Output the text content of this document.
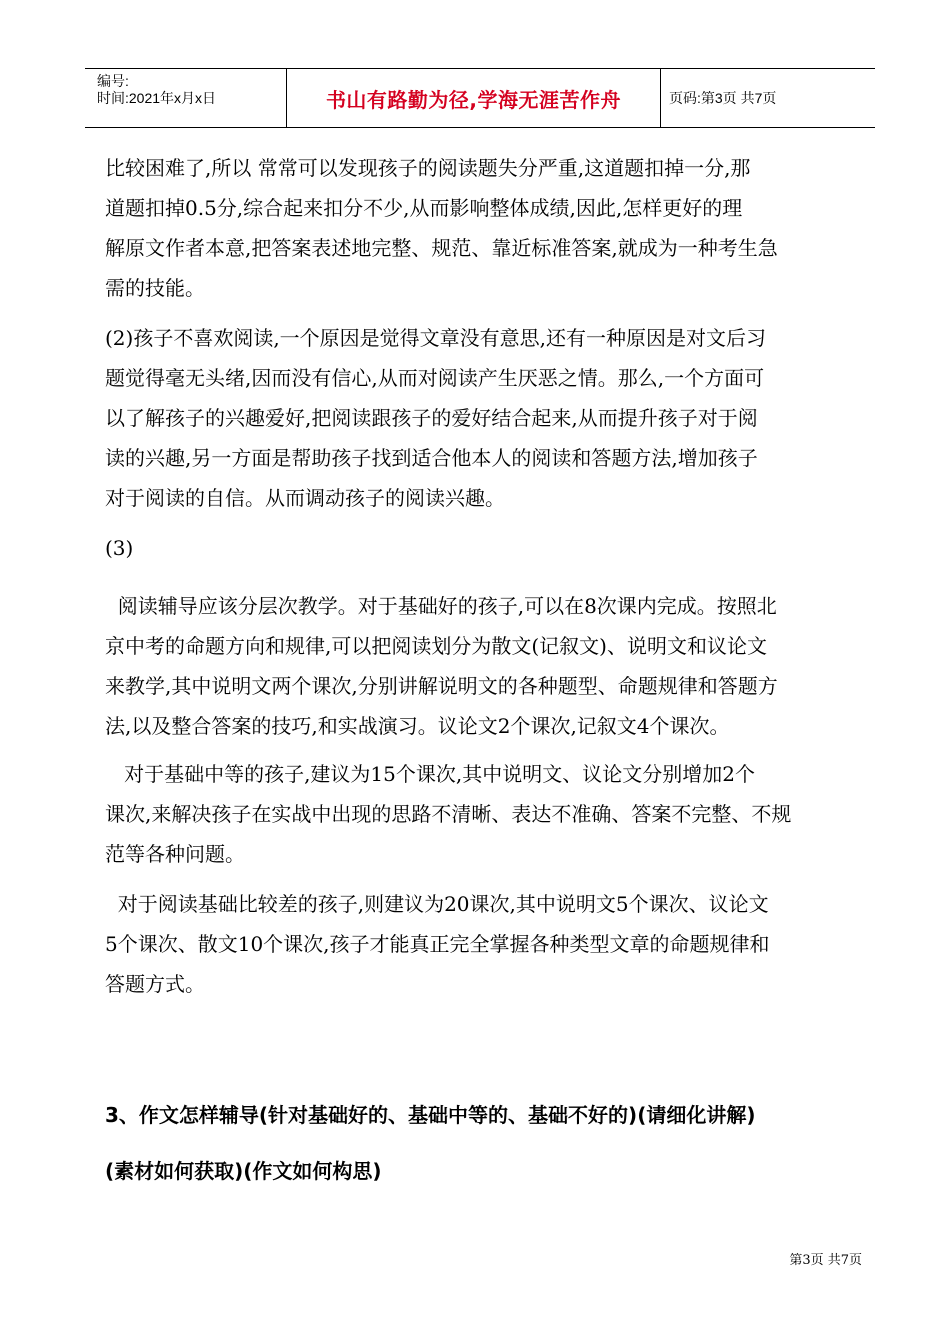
编号:
时间:2021年x月x日	书山有路勤为径,学海无涯苦作舟	页码:第3页 共7页
比较困难了,所以 常常可以发现孩子的阅读题失分严重,这道题扣掉一分,那
道题扣掉0.5分,综合起来扣分不少,从而影响整体成绩,因此,怎样更好的理
解原文作者本意,把答案表述地完整、规范、靠近标准答案,就成为一种考生急
需的技能。
(2)孩子不喜欢阅读,一个原因是觉得文章没有意思,还有一种原因是对文后习
题觉得毫无头绪,因而没有信心,从而对阅读产生厌恶之情。那么,一个方面可
以了解孩子的兴趣爱好,把阅读跟孩子的爱好结合起来,从而提升孩子对于阅
读的兴趣,另一方面是帮助孩子找到适合他本人的阅读和答题方法,增加孩子
对于阅读的自信。从而调动孩子的阅读兴趣。
(3)
阅读辅导应该分层次教学。对于基础好的孩子,可以在8次课内完成。按照北
京中考的命题方向和规律,可以把阅读划分为散文(记叙文)、说明文和议论文
来教学,其中说明文两个课次,分别讲解说明文的各种题型、命题规律和答题方
法,以及整合答案的技巧,和实战演习。议论文2个课次,记叙文4个课次。
对于基础中等的孩子,建议为15个课次,其中说明文、议论文分别增加2个
课次,来解决孩子在实战中出现的思路不清晰、表达不准确、答案不完整、不规
范等各种问题。
对于阅读基础比较差的孩子,则建议为20课次,其中说明文5个课次、议论文
5个课次、散文10个课次,孩子才能真正完全掌握各种类型文章的命题规律和
答题方式。
3、作文怎样辅导(针对基础好的、基础中等的、基础不好的)(请细化讲解)
(素材如何获取)(作文如何构思)
第3页 共7页
